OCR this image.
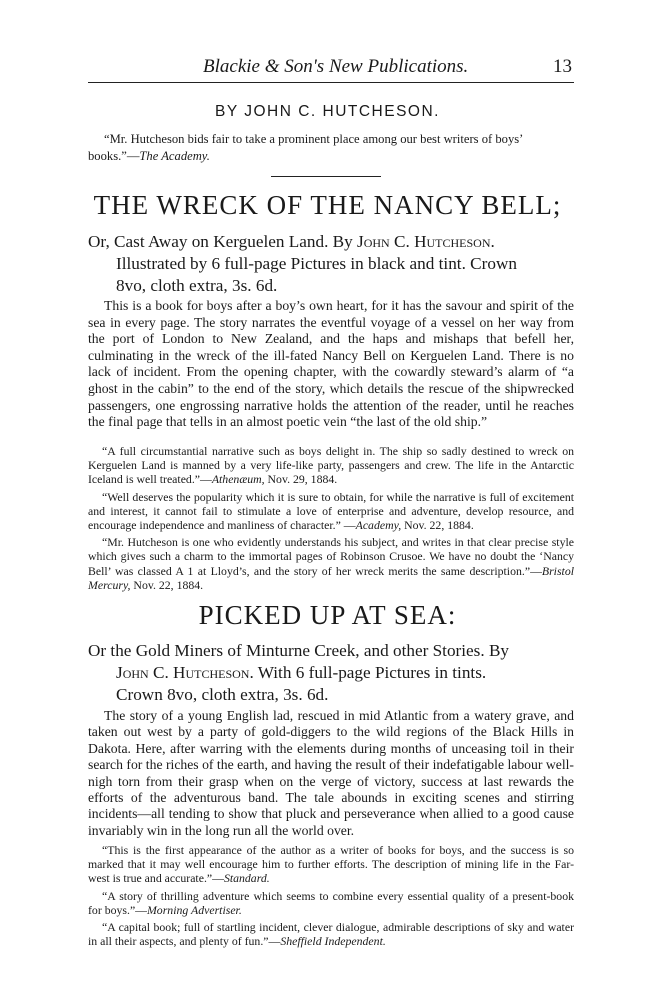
Blackie & Son's New Publications.	13
BY JOHN C. HUTCHESON.
“Mr. Hutcheson bids fair to take a prominent place among our best writers of boys’ books.”—The Academy.
THE WRECK OF THE NANCY BELL;

Or, Cast Away on Kerguelen Land. By John C. Hutcheson.

Illustrated by 6 full-page Pictures in black and tint. Crown

8vo, cloth extra, 3s. 6d.

This is a book for boys after a boy’s own heart, for it has the savour and spirit of the sea in every page. The story narrates the eventful voyage of a vessel on her way from the port of London to New Zealand, and the haps and mishaps that befell her, culminating in the wreck of the ill-fated Nancy Bell on Kerguelen Land. There is no lack of incident. From the opening chapter, with the cowardly steward’s alarm of “a ghost in the cabin” to the end of the story, which details the rescue of the shipwrecked passengers, one engrossing narrative holds the attention of the reader, until he reaches the final page that tells in an almost poetic vein “the last of the old ship.”

“A full circumstantial narrative such as boys delight in. The ship so sadly destined to wreck on Kerguelen Land is manned by a very life-like party, passengers and crew. The life in the Antarctic Iceland is well treated.”—Athenæum, Nov. 29, 1884.

“Well deserves the popularity which it is sure to obtain, for while the narrative is full of excitement and interest, it cannot fail to stimulate a love of enterprise and adventure, develop resource, and encourage independence and manliness of character.” —Academy, Nov. 22, 1884.

“Mr. Hutcheson is one who evidently understands his subject, and writes in that clear precise style which gives such a charm to the immortal pages of Robinson Crusoe. We have no doubt the ‘Nancy Bell’ was classed A 1 at Lloyd’s, and the story of her wreck merits the same description.”—Bristol Mercury, Nov. 22, 1884.

PICKED UP AT SEA:

Or the Gold Miners of Minturne Creek, and other Stories. By

John C. Hutcheson. With 6 full-page Pictures in tints.

Crown 8vo, cloth extra, 3s. 6d.

The story of a young English lad, rescued in mid Atlantic from a watery grave, and taken out west by a party of gold-diggers to the wild regions of the Black Hills in Dakota. Here, after warring with the elements during months of unceasing toil in their search for the riches of the earth, and having the result of their indefatigable labour well-nigh torn from their grasp when on the verge of victory, success at last rewards the efforts of the adventurous band. The tale abounds in exciting scenes and stirring incidents—all tending to show that pluck and perseverance when allied to a good cause invariably win in the long run all the world over.

“This is the first appearance of the author as a writer of books for boys, and the success is so marked that it may well encourage him to further efforts. The description of mining life in the Far-west is true and accurate.”—Standard.

“A story of thrilling adventure which seems to combine every essential quality of a present-book for boys.”—Morning Advertiser.

“A capital book; full of startling incident, clever dialogue, admirable descriptions of sky and water in all their aspects, and plenty of fun.”—Sheffield Independent.
